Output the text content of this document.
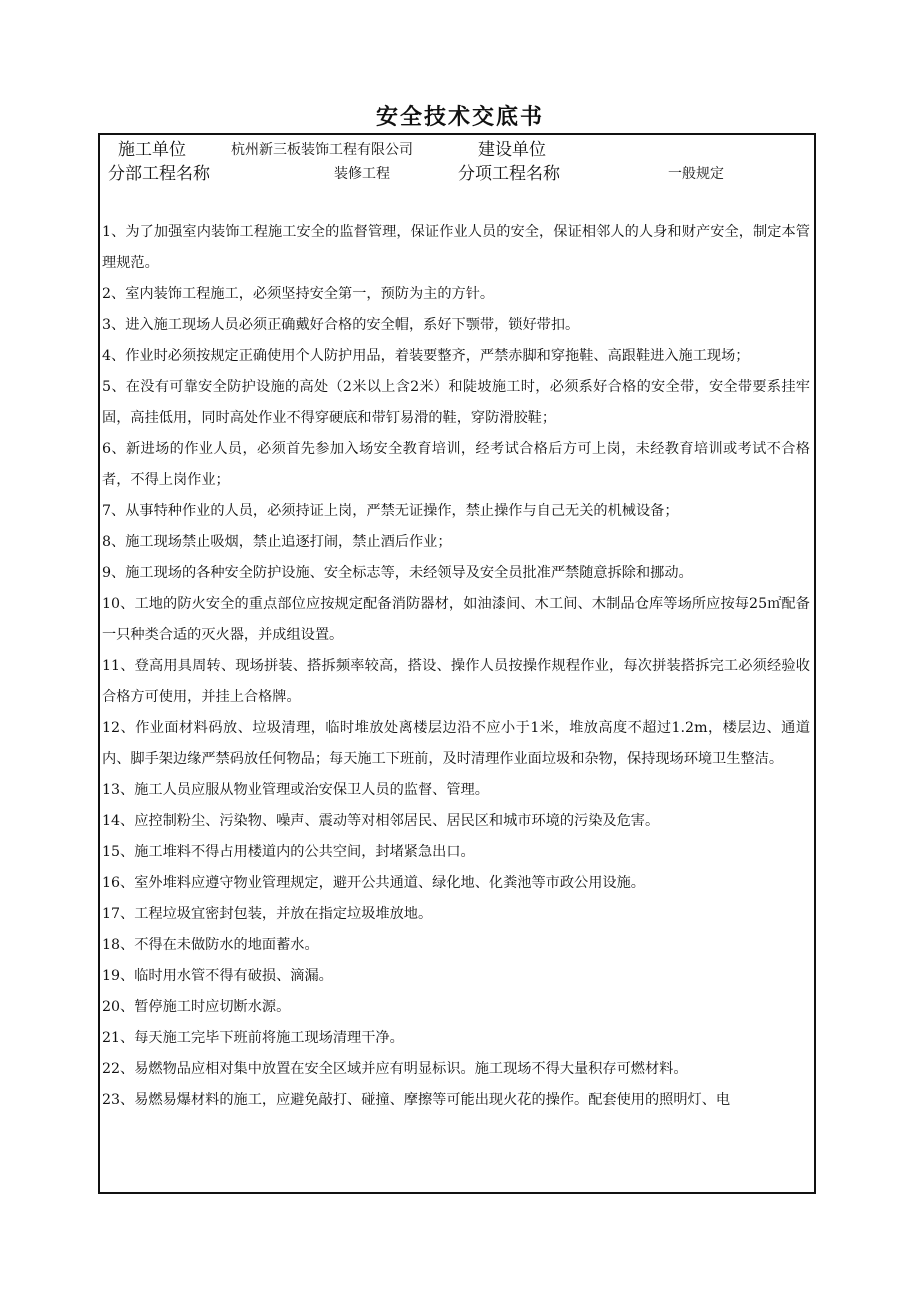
安全技术交底书
施工单位	杭州新三板装饰工程有限公司	建设单位
分部工程名称	装修工程	分项工程名称	一般规定
1、为了加强室内装饰工程施工安全的监督管理，保证作业人员的安全，保证相邻人的人身和财产安全，制定本管理规范。
2、室内装饰工程施工，必须坚持安全第一，预防为主的方针。
3、进入施工现场人员必须正确戴好合格的安全帽，系好下颚带，锁好带扣。
4、作业时必须按规定正确使用个人防护用品，着装要整齐，严禁赤脚和穿拖鞋、高跟鞋进入施工现场；
5、在没有可靠安全防护设施的高处（2米以上含2米）和陡坡施工时，必须系好合格的安全带，安全带要系挂牢固，高挂低用，同时高处作业不得穿硬底和带钉易滑的鞋，穿防滑胶鞋；
6、新进场的作业人员，必须首先参加入场安全教育培训，经考试合格后方可上岗，未经教育培训或考试不合格者，不得上岗作业；
7、从事特种作业的人员，必须持证上岗，严禁无证操作，禁止操作与自己无关的机械设备；
8、施工现场禁止吸烟，禁止追逐打闹，禁止酒后作业；
9、施工现场的各种安全防护设施、安全标志等，未经领导及安全员批准严禁随意拆除和挪动。
10、工地的防火安全的重点部位应按规定配备消防器材，如油漆间、木工间、木制品仓库等场所应按每25㎡配备一只种类合适的灭火器，并成组设置。
11、登高用具周转、现场拼装、搭拆频率较高，搭设、操作人员按操作规程作业，每次拼装搭拆完工必须经验收合格方可使用，并挂上合格牌。
12、作业面材料码放、垃圾清理，临时堆放处离楼层边沿不应小于1米，堆放高度不超过1.2m，楼层边、通道内、脚手架边缘严禁码放任何物品；每天施工下班前，及时清理作业面垃圾和杂物，保持现场环境卫生整洁。
13、施工人员应服从物业管理或治安保卫人员的监督、管理。
14、应控制粉尘、污染物、噪声、震动等对相邻居民、居民区和城市环境的污染及危害。
15、施工堆料不得占用楼道内的公共空间，封堵紧急出口。
16、室外堆料应遵守物业管理规定，避开公共通道、绿化地、化粪池等市政公用设施。
17、工程垃圾宜密封包装，并放在指定垃圾堆放地。
18、不得在未做防水的地面蓄水。
19、临时用水管不得有破损、滴漏。
20、暂停施工时应切断水源。
21、每天施工完毕下班前将施工现场清理干净。
22、易燃物品应相对集中放置在安全区域并应有明显标识。施工现场不得大量积存可燃材料。
23、易燃易爆材料的施工，应避免敲打、碰撞、摩擦等可能出现火花的操作。配套使用的照明灯、电
